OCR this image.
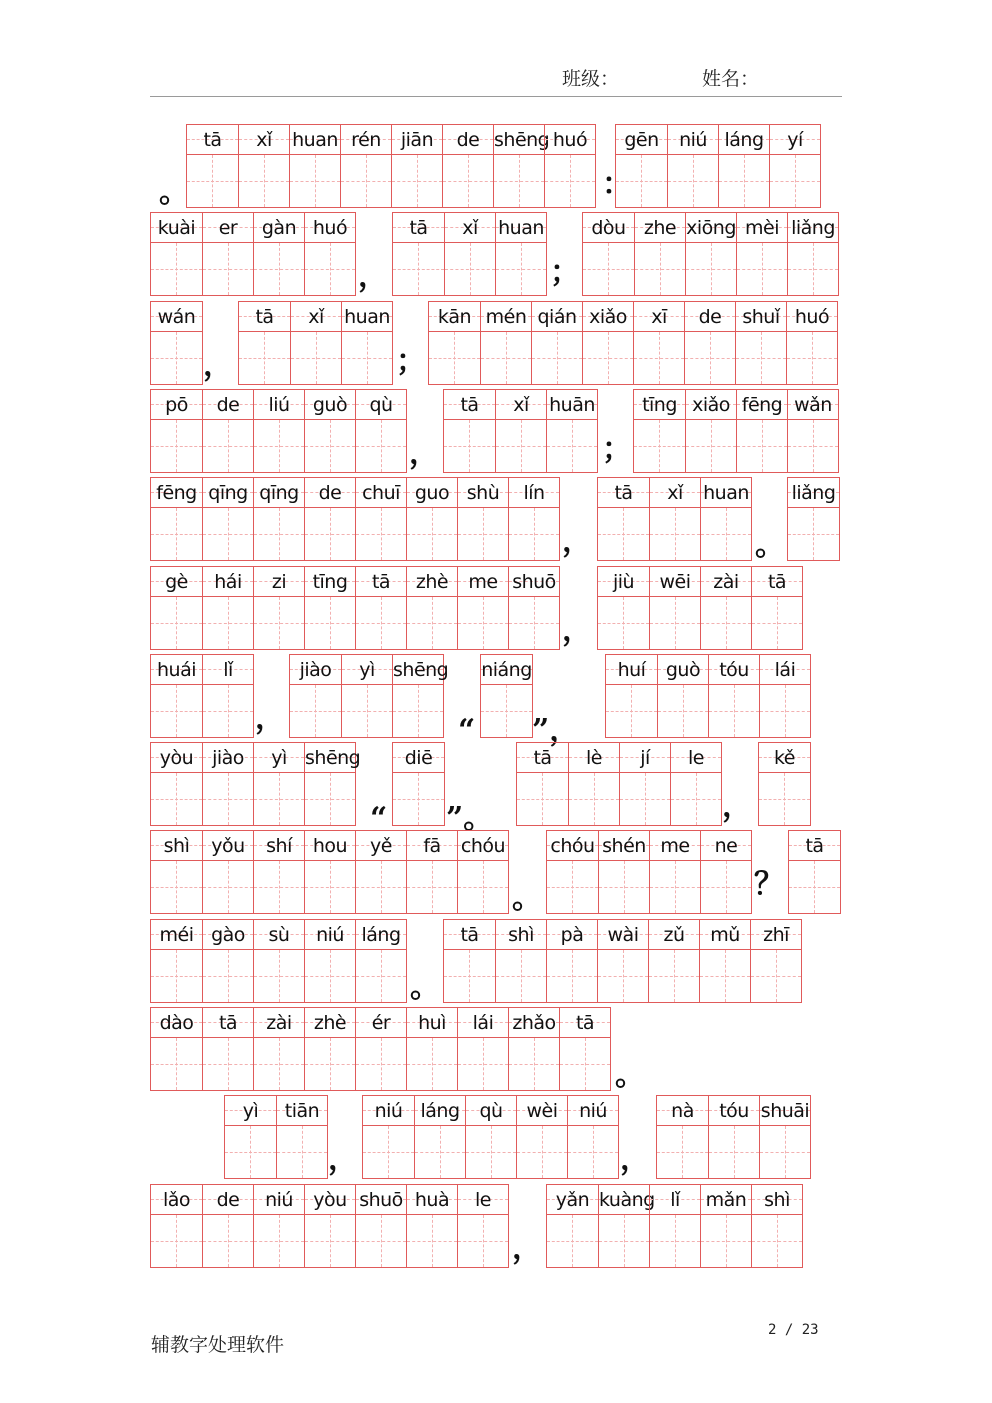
班级：	姓名：
。
tā	xǐ	huan rén	jiān	de shēng huó
：
gēn	niú láng	yí
kuài	er	gàn huó
，
tā	xǐ	huan
；
dòu zhe xiōng mèi liǎng
wán
，
tā	xǐ	huan
；
kān mén qián xiǎo	xī	de	shuǐ huó
pō	de	liú	guò	qù
，
tā	xǐ	huān
；
tīng xiǎo fēng wǎn
fēng qīng qīng	de	chuī guo shù	lín
，
tā	xǐ	huan
。
liǎng
gè	hái	zi	tīng	tā	zhè	me shuō
，
jiù	wēi	zài	tā
huái	lǐ
，
jiào	yì shēng
“
niáng
”，
huí	guò	tóu	lái
yòu jiào	yì shēng
“
diē
”。
tā	lè	jí	le
，
kě
shì	yǒu	shí	hou	yě	fā	chóu
。
chóu shén me	ne
？
tā
méi gào	sù	niú láng
。
tā	shì	pà	wài	zǔ	mǔ	zhī
dào	tā	zài	zhè	ér	huì	lái	zhǎo	tā
。
yì	tiān
，
niú láng	qù	wèi	niú
，
nà	tóu shuāi
lǎo	de	niú	yòu shuō huà	le
，
yǎn kuàng lǐ	mǎn shì
辅教字处理软件
2 / 23
